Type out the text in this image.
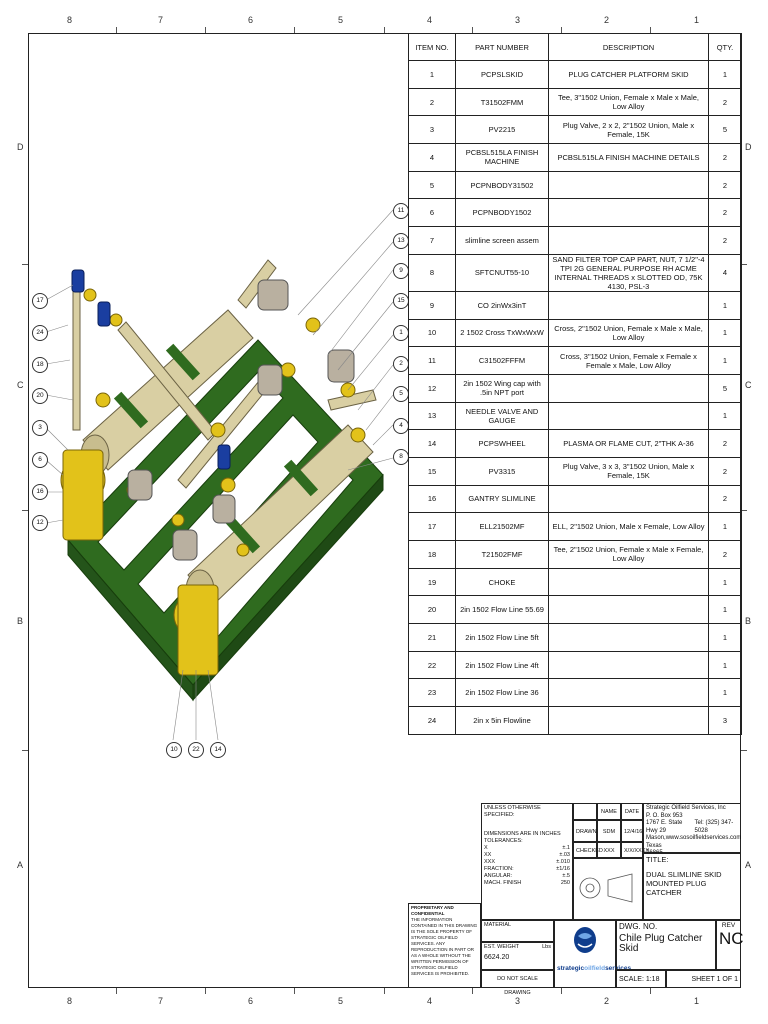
8	7	6	5	4	3	2	1
8	7	6	5	4	3	2	1
D
C
B
A
D
C
B
A
11
13
9
15
1
2
5
4
8
17
24
18
20
3
6
16
12
10	22	14
ITEM NO.	PART NUMBER	DESCRIPTION	QTY.
1	PCPSLSKID	PLUG CATCHER PLATFORM SKID	1
2	T31502FMM	Tee, 3"1502 Union, Female x Male x Male, Low Alloy	2
3	PV2215	Plug Valve, 2 x 2, 2"1502 Union, Male x Female, 15K	5
4	PCBSL515LA FINISH MACHINE	PCBSL515LA FINISH MACHINE DETAILS	2
5	PCPNBODY31502		2
6	PCPNBODY1502		2
7	slimline screen assem		2
8	SFTCNUT55-10	SAND FILTER TOP CAP PART, NUT, 7 1/2"-4 TPI 2G GENERAL PURPOSE RH ACME INTERNAL THREADS x SLOTTED OD, 75K 4130, PSL-3	4
9	CO 2inWx3inT		1
10	2 1502 Cross TxWxWxW	Cross, 2"1502 Union, Female x Male x Male, Low Alloy	1
11	C31502FFFM	Cross, 3"1502 Union, Female x Female x Female x Male, Low Alloy	1
12	2in 1502 Wing cap with .5in NPT port		5
13	NEEDLE VALVE AND GAUGE		1
14	PCPSWHEEL	PLASMA OR FLAME CUT, 2"THK A-36	2
15	PV3315	Plug Valve, 3 x 3, 3"1502 Union, Male x Female, 15K	2
16	GANTRY SLIMLINE		2
17	ELL21502MF	ELL, 2"1502 Union, Male x Female, Low Alloy	1
18	T21502FMF	Tee, 2"1502 Union, Female x Male x Female, Low Alloy	2
19	CHOKE		1
20	2in 1502 Flow Line 55.69		1
21	2in 1502 Flow Line 5ft		1
22	2in 1502 Flow Line 4ft		1
23	2in 1502 Flow Line 36		1
24	2in x 5in Flowline		3
UNLESS OTHERWISE SPECIFIED:
DIMENSIONS ARE IN INCHES TOLERANCES:
X	±.1
XX	±.03
XXX	±.010
FRACTION:	±1/16
ANGULAR:	±.5
MACH. FINISH	250
DRAWN
CHECKED
NAME	DATE
SDM	12/4/16
XXX	X/X/XXXX
Strategic Oilfield Services, Inc
P. O. Box 953
1767 E. State Hwy 29
Tel: (325) 347-5028
Mason, Texas 76865
www.sosoilfieldservices.com
TITLE:
DUAL SLIMLINE SKID MOUNTED PLUG CATCHER
PROPRIETARY AND CONFIDENTIAL
THE INFORMATION CONTAINED IN THIS DRAWING IS THE SOLE PROPERTY OF STRATEGIC OILFIELD SERVICES. ANY REPRODUCTION IN PART OR AS A WHOLE WITHOUT THE WRITTEN PERMISSION OF STRATEGIC OILFIELD SERVICES IS PROHIBITED.
MATERIAL
EST. WEIGHT	Lbs
6624.20
DO NOT SCALE DRAWING
strategicoilfieldservices
DWG. NO.
Chile Plug Catcher Skid
REV
NC
SCALE: 1:18	SHEET 1 OF 1
